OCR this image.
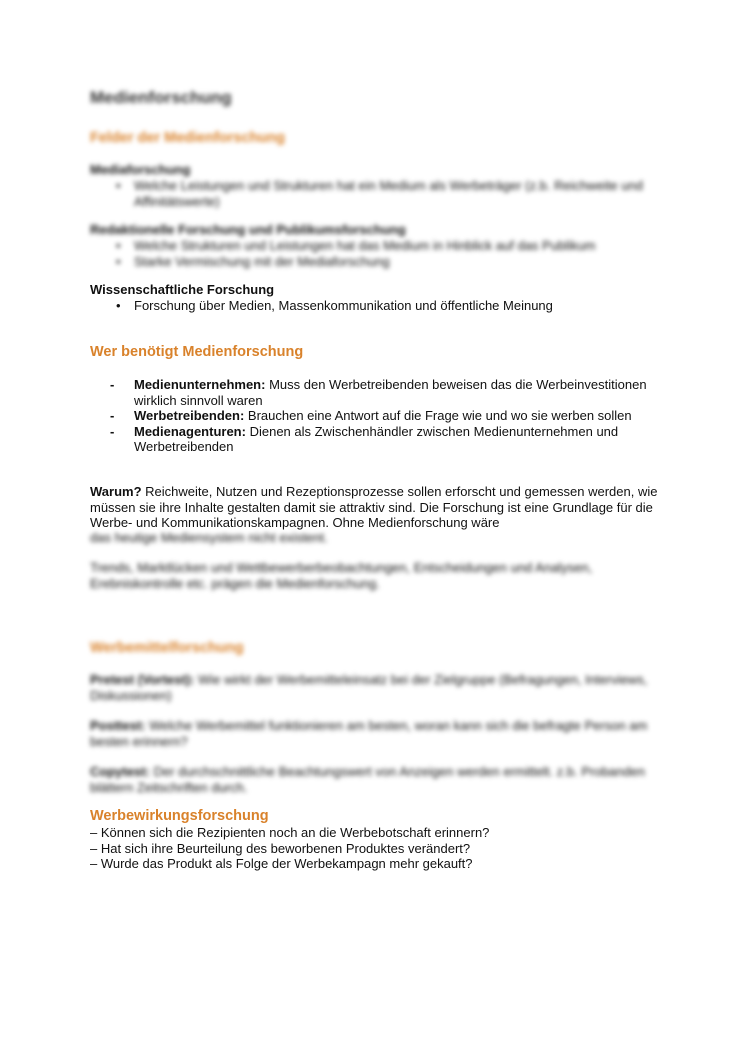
Medienforschung

Felder der Medienforschung

Mediaforschung

• Welche Leistungen und Strukturen hat ein Medium als Werbeträger (z.b. Reichweite und Affinitätswerte)

Redaktionelle Forschung und Publikumsforschung

• Welche Strukturen und Leistungen hat das Medium in Hinblick auf das Publikum
• Starke Vermischung mit der Mediaforschung

Wissenschaftliche Forschung

• Forschung über Medien, Massenkommunikation und öffentliche Meinung

Wer benötigt Medienforschung

- Medienunternehmen: Muss den Werbetreibenden beweisen das die Werbeinvestitionen wirklich sinnvoll waren
- Werbetreibenden: Brauchen eine Antwort auf die Frage wie und wo sie werben sollen
- Medienagenturen: Dienen als Zwischenhändler zwischen Medienunternehmen und Werbetreibenden

Warum? Reichweite, Nutzen und Rezeptionsprozesse sollen erforscht und gemessen werden, wie müssen sie ihre Inhalte gestalten damit sie attraktiv sind. Die Forschung ist eine Grundlage für die Werbe- und Kommunikationskampagnen. Ohne Medienforschung wäre

das heutige Mediensystem nicht existent.

Trends, Marktlücken und Wettbewerberbeobachtungen, Entscheidungen und Analysen, Erebniskontrolle etc. prägen die Medienforschung.

Werbemittelforschung

Pretest (Vortest): Wie wirkt der Werbemitteleinsatz bei der Zielgruppe (Befragungen, Interviews, Diskussionen)

Posttest: Welche Werbemittel funktionieren am besten, woran kann sich die befragte Person am besten erinnern?

Copytest: Der durchschnittliche Beachtungswert von Anzeigen werden ermittelt. z.b. Probanden blättern Zeitschriften durch.

Werbewirkungsforschung

– Können sich die Rezipienten noch an die Werbebotschaft erinnern?

– Hat sich ihre Beurteilung des beworbenen Produktes verändert?

– Wurde das Produkt als Folge der Werbekampagn mehr gekauft?
